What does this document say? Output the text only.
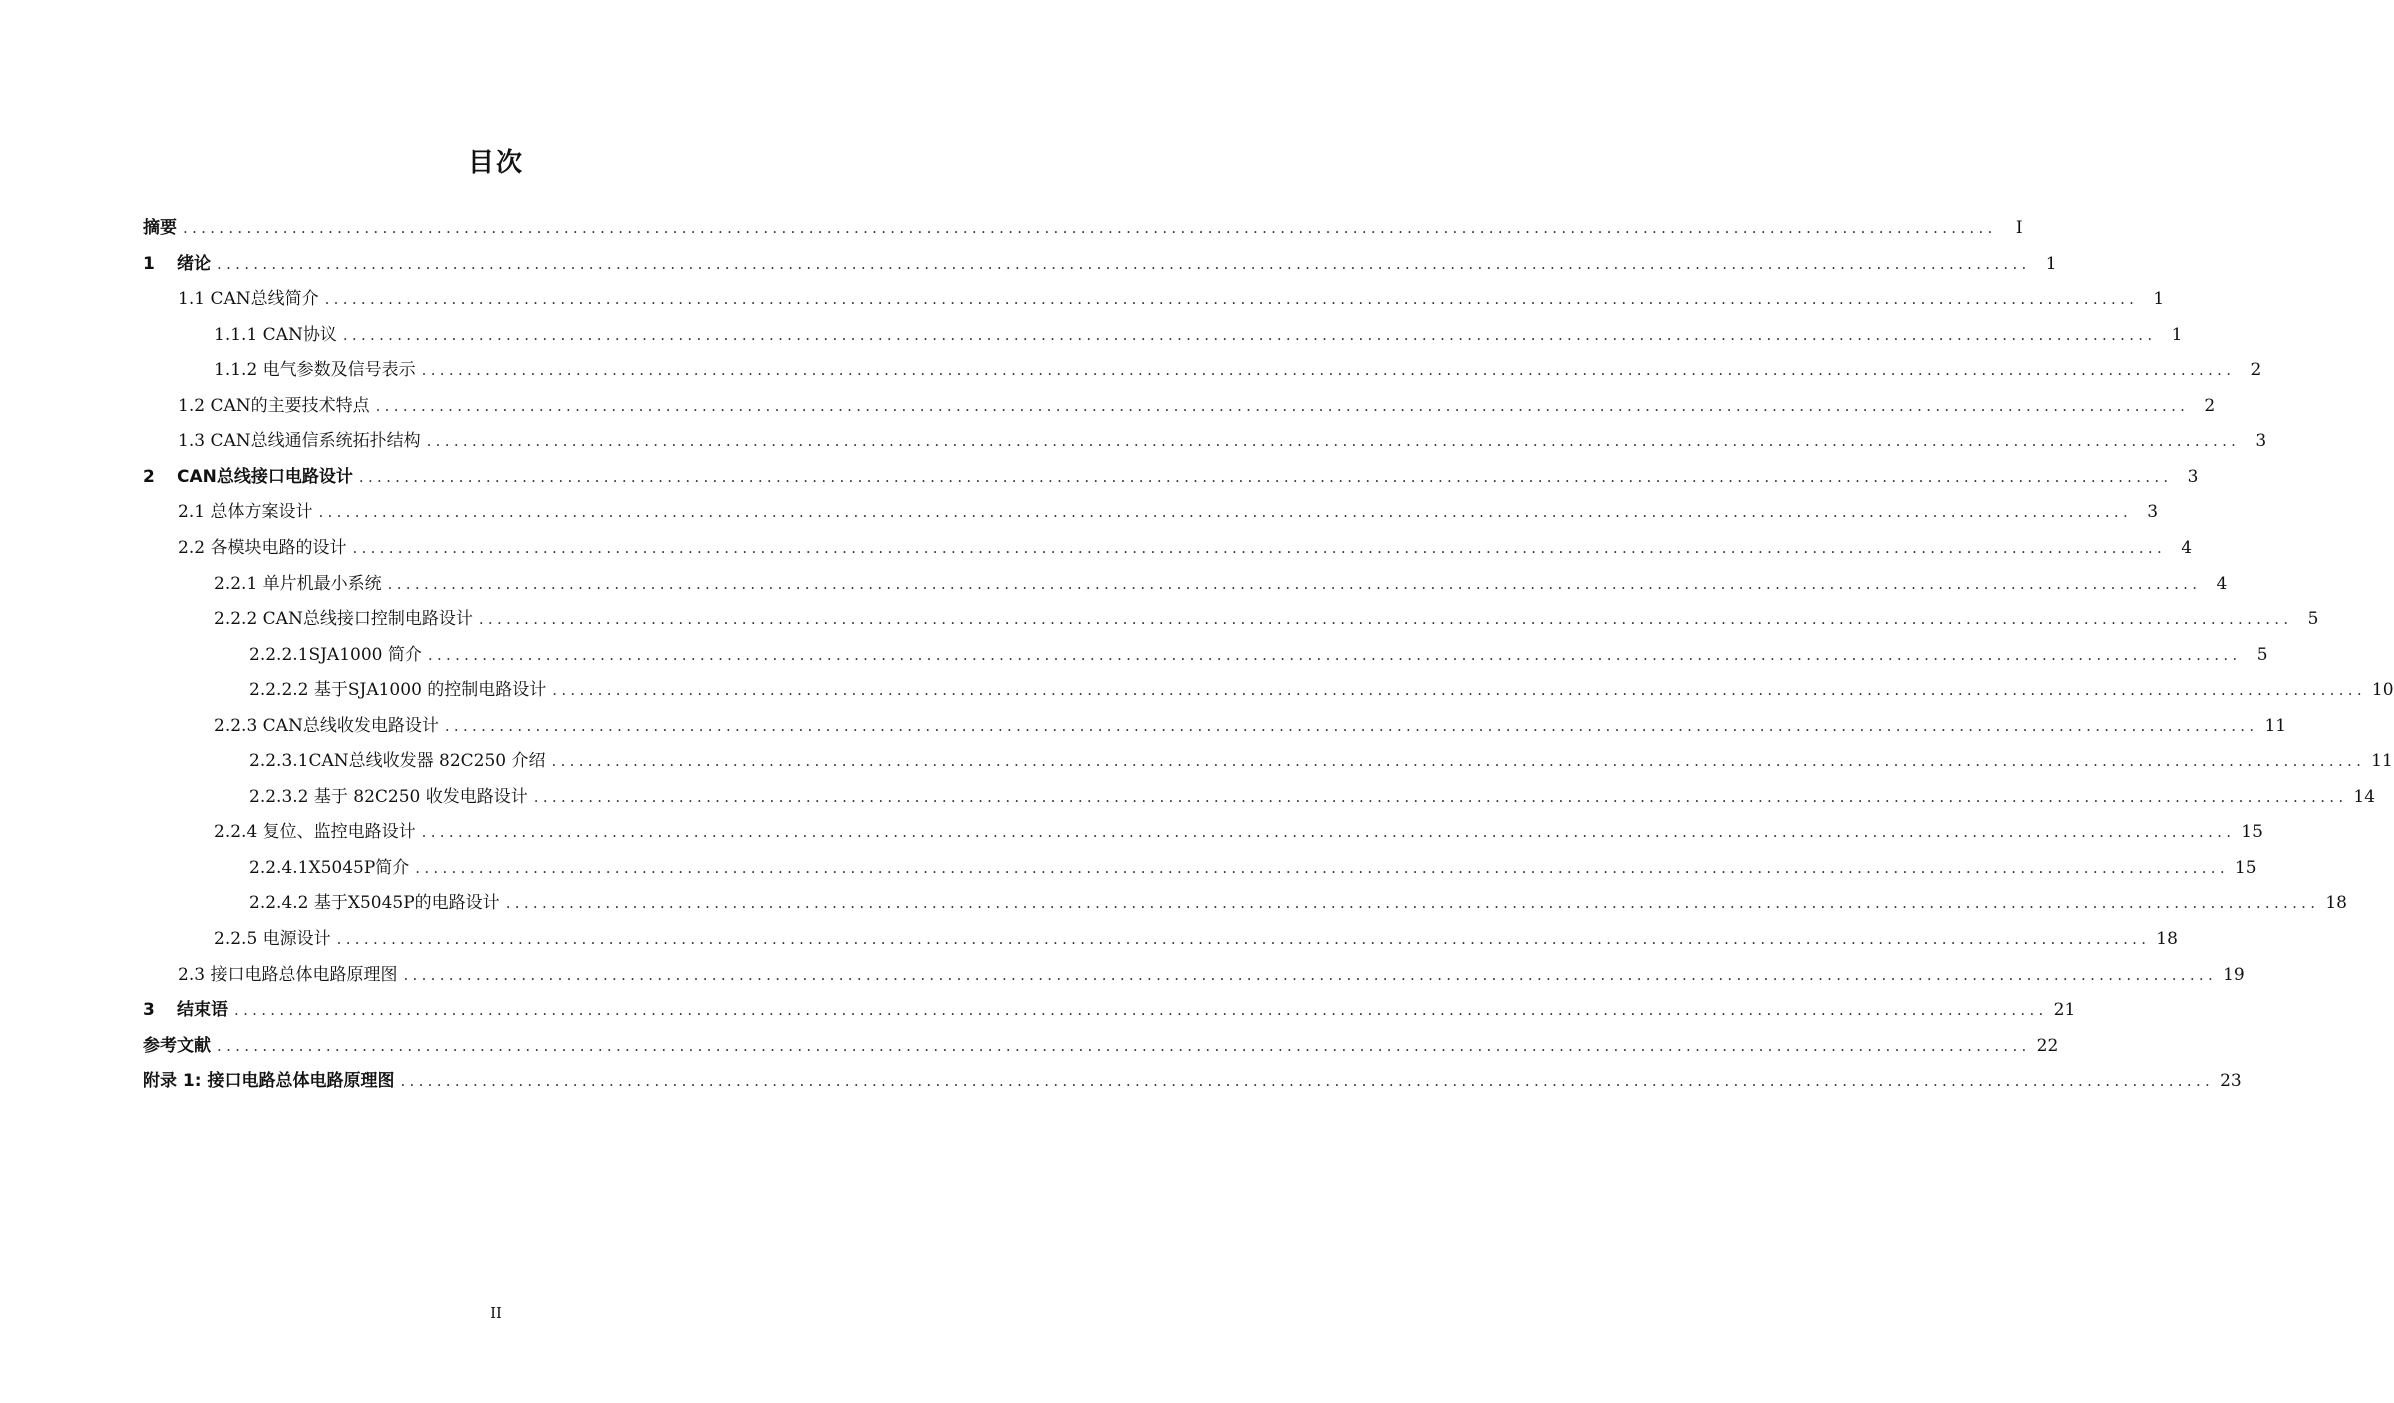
目次
摘要 ........................................................................................................................................................................................................	I
1 绪论 ........................................................................................................................................................................................................ 1
1.1 CAN总线简介 ........................................................................................................................................................................................................ 1
1.1.1 CAN协议 ........................................................................................................................................................................................................ 1
1.1.2 电气参数及信号表示 ........................................................................................................................................................................................................ 2
1.2 CAN的主要技术特点 ........................................................................................................................................................................................................ 2
1.3 CAN总线通信系统拓扑结构 ........................................................................................................................................................................................................ 3
2 CAN总线接口电路设计 ........................................................................................................................................................................................................ 3
2.1 总体方案设计 ........................................................................................................................................................................................................ 3
2.2 各模块电路的设计 ........................................................................................................................................................................................................ 4
2.2.1 单片机最小系统 ........................................................................................................................................................................................................ 4
2.2.2 CAN总线接口控制电路设计 ........................................................................................................................................................................................................ 5
2.2.2.1SJA1000 简介 ........................................................................................................................................................................................................ 5
2.2.2.2 基于SJA1000 的控制电路设计 ........................................................................................................................................................................................................ 10
2.2.3 CAN总线收发电路设计 ........................................................................................................................................................................................................ 11
2.2.3.1CAN总线收发器 82C250 介绍 ........................................................................................................................................................................................................ 11
2.2.3.2 基于 82C250 收发电路设计 ........................................................................................................................................................................................................ 14
2.2.4 复位、监控电路设计 ........................................................................................................................................................................................................ 15
2.2.4.1X5045P简介 ........................................................................................................................................................................................................ 15
2.2.4.2 基于X5045P的电路设计 ........................................................................................................................................................................................................ 18
2.2.5 电源设计 ........................................................................................................................................................................................................ 18
2.3 接口电路总体电路原理图 ........................................................................................................................................................................................................ 19
3 结束语 ........................................................................................................................................................................................................ 21
参考文献 ........................................................................................................................................................................................................ 22
附录 1: 接口电路总体电路原理图 ........................................................................................................................................................................................................ 23
II
